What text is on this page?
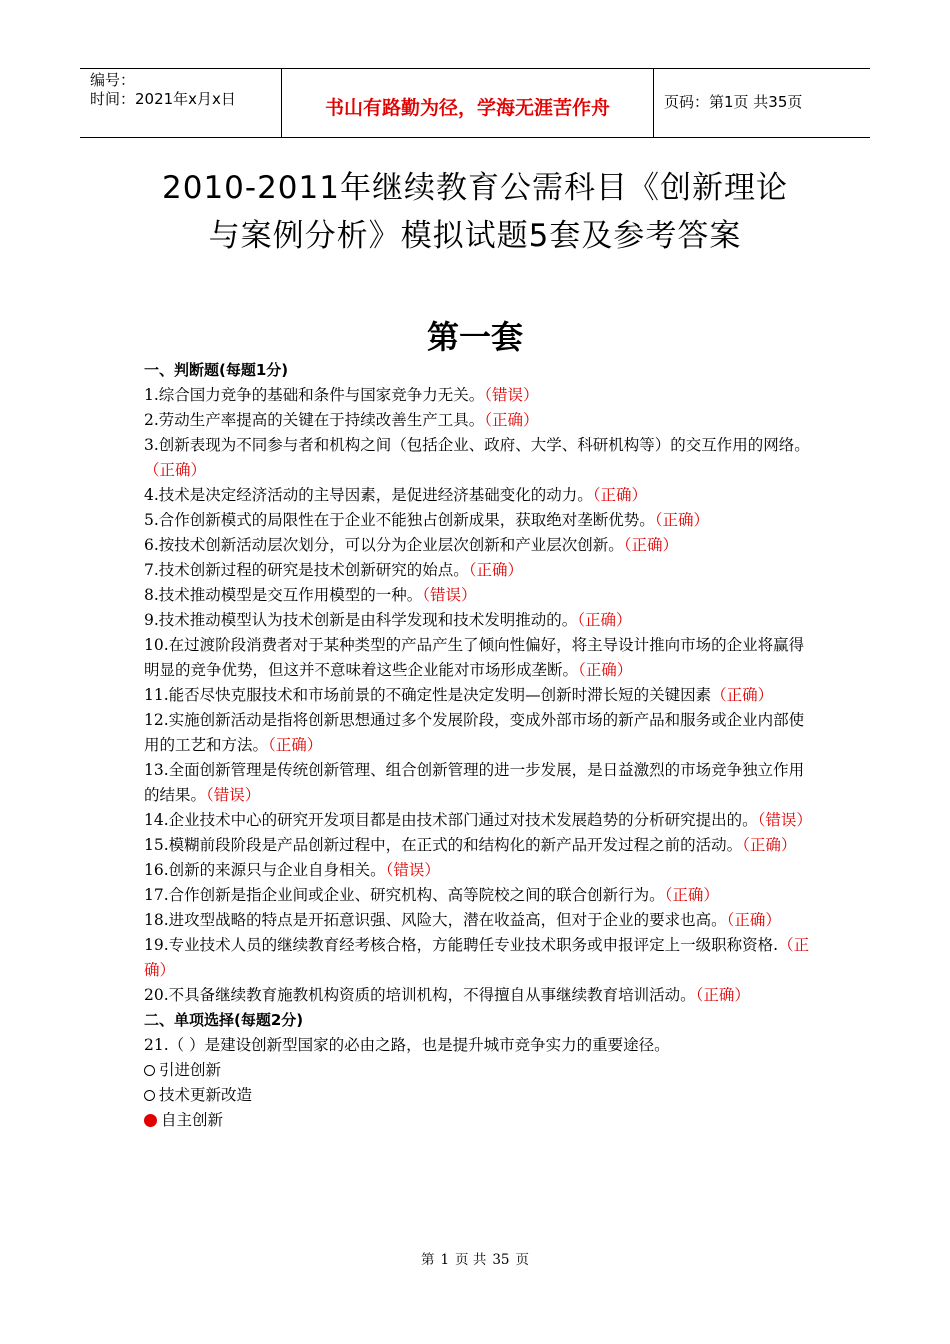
编号：
时间：2021年x月x日	书山有路勤为径，学海无涯苦作舟	页码：第1页 共35页
2010-2011年继续教育公需科目《创新理论
与案例分析》模拟试题5套及参考答案
第一套
一、判断题(每题1分)
1.综合国力竞争的基础和条件与国家竞争力无关。（错误）
2.劳动生产率提高的关键在于持续改善生产工具。（正确）
3.创新表现为不同参与者和机构之间（包括企业、政府、大学、科研机构等）的交互作用的网络。（正确）
4.技术是决定经济活动的主导因素，是促进经济基础变化的动力。（正确）
5.合作创新模式的局限性在于企业不能独占创新成果，获取绝对垄断优势。（正确）
6.按技术创新活动层次划分，可以分为企业层次创新和产业层次创新。（正确）
7.技术创新过程的研究是技术创新研究的始点。（正确）
8.技术推动模型是交互作用模型的一种。（错误）
9.技术推动模型认为技术创新是由科学发现和技术发明推动的。（正确）
10.在过渡阶段消费者对于某种类型的产品产生了倾向性偏好，将主导设计推向市场的企业将赢得明显的竞争优势，但这并不意味着这些企业能对市场形成垄断。（正确）
11.能否尽快克服技术和市场前景的不确定性是决定发明—创新时滞长短的关键因素（正确）
12.实施创新活动是指将创新思想通过多个发展阶段，变成外部市场的新产品和服务或企业内部使用的工艺和方法。（正确）
13.全面创新管理是传统创新管理、组合创新管理的进一步发展，是日益激烈的市场竞争独立作用的结果。（错误）
14.企业技术中心的研究开发项目都是由技术部门通过对技术发展趋势的分析研究提出的。（错误）
15.模糊前段阶段是产品创新过程中，在正式的和结构化的新产品开发过程之前的活动。（正确）
16.创新的来源只与企业自身相关。（错误）
17.合作创新是指企业间或企业、研究机构、高等院校之间的联合创新行为。（正确）
18.进攻型战略的特点是开拓意识强、风险大，潜在收益高，但对于企业的要求也高。（正确）
19.专业技术人员的继续教育经考核合格，方能聘任专业技术职务或申报评定上一级职称资格.（正确）
20.不具备继续教育施教机构资质的培训机构，不得擅自从事继续教育培训活动。（正确）
二、单项选择(每题2分)
21.（ ）是建设创新型国家的必由之路，也是提升城市竞争实力的重要途径。
引进创新
技术更新改造
自主创新
第 1 页 共 35 页
